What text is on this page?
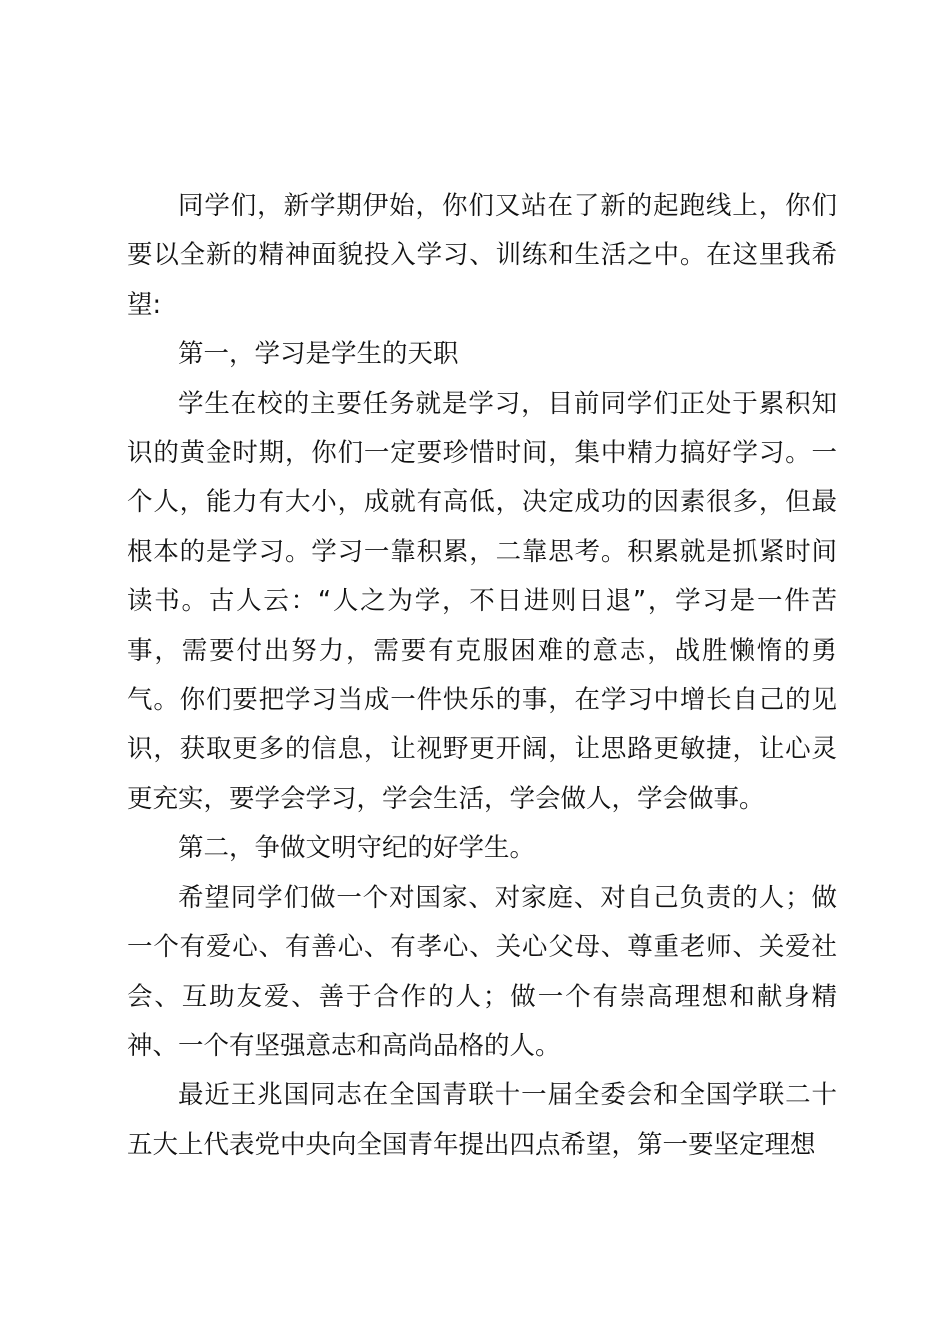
同学们，新学期伊始，你们又站在了新的起跑线上，你们要以全新的精神面貌投入学习、训练和生活之中。在这里我希望:

第一，学习是学生的天职

学生在校的主要任务就是学习，目前同学们正处于累积知识的黄金时期，你们一定要珍惜时间，集中精力搞好学习。一个人，能力有大小，成就有高低，决定成功的因素很多，但最根本的是学习。学习一靠积累，二靠思考。积累就是抓紧时间读书。古人云：“人之为学，不日进则日退”，学习是一件苦事，需要付出努力，需要有克服困难的意志，战胜懒惰的勇气。你们要把学习当成一件快乐的事，在学习中增长自己的见识，获取更多的信息，让视野更开阔，让思路更敏捷，让心灵更充实，要学会学习，学会生活，学会做人，学会做事。

第二，争做文明守纪的好学生。

希望同学们做一个对国家、对家庭、对自己负责的人；做一个有爱心、有善心、有孝心、关心父母、尊重老师、关爱社会、互助友爱、善于合作的人；做一个有崇高理想和献身精神、一个有坚强意志和高尚品格的人。

最近王兆国同志在全国青联十一届全委会和全国学联二十五大上代表党中央向全国青年提出四点希望，第一要坚定理想
